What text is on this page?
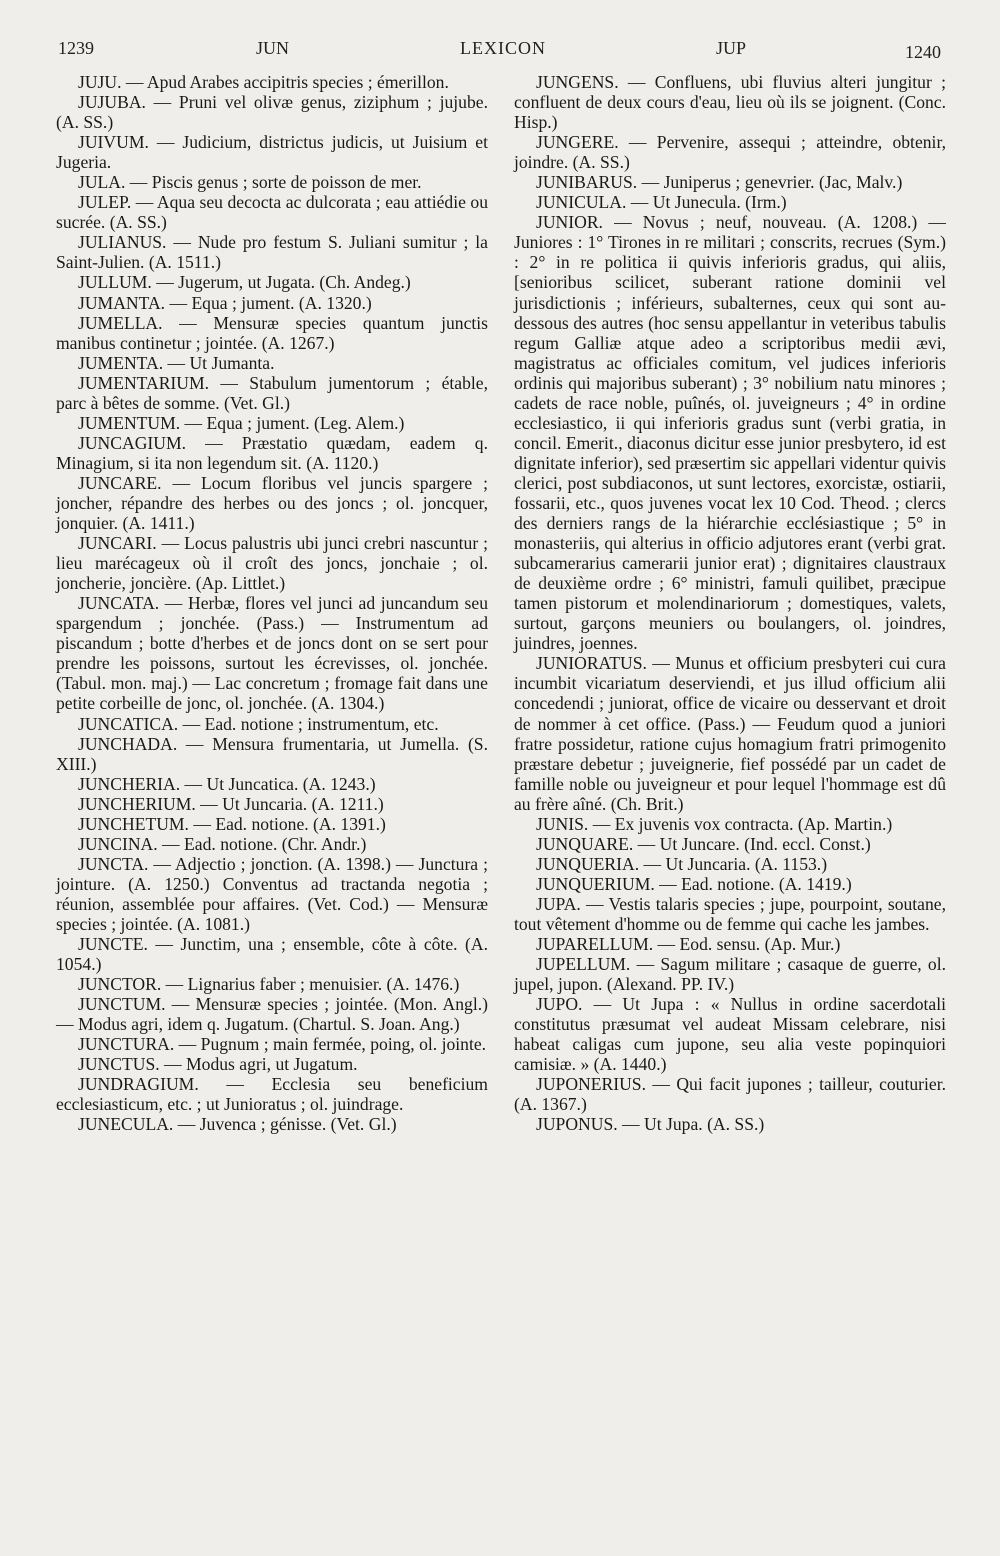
1239	JUN	LEXICON	JUP	1240

JUJU. — Apud Arabes accipitris species ; émerillon.

JUJUBA. — Pruni vel olivæ genus, ziziphum ; jujube. (A. SS.)

JUIVUM. — Judicium, districtus judicis, ut Juisium et Jugeria.

JULA. — Piscis genus ; sorte de poisson de mer.

JULEP. — Aqua seu decocta ac dulcorata ; eau attiédie ou sucrée. (A. SS.)

JULIANUS. — Nude pro festum S. Juliani sumitur ; la Saint-Julien. (A. 1511.)

JULLUM. — Jugerum, ut Jugata. (Ch. Andeg.)

JUMANTA. — Equa ; jument. (A. 1320.)

JUMELLA. — Mensuræ species quantum junctis manibus continetur ; jointée. (A. 1267.)

JUMENTA. — Ut Jumanta.

JUMENTARIUM. — Stabulum jumentorum ; étable, parc à bêtes de somme. (Vet. Gl.)

JUMENTUM. — Equa ; jument. (Leg. Alem.)

JUNCAGIUM. — Præstatio quædam, eadem q. Minagium, si ita non legendum sit. (A. 1120.)

JUNCARE. — Locum floribus vel juncis spargere ; joncher, répandre des herbes ou des joncs ; ol. joncquer, jonquier. (A. 1411.)

JUNCARI. — Locus palustris ubi junci crebri nascuntur ; lieu marécageux où il croît des joncs, jonchaie ; ol. joncherie, joncière. (Ap. Littlet.)

JUNCATA. — Herbæ, flores vel junci ad juncandum seu spargendum ; jonchée. (Pass.) — Instrumentum ad piscandum ; botte d'herbes et de joncs dont on se sert pour prendre les poissons, surtout les écrevisses, ol. jonchée. (Tabul. mon. maj.) — Lac concretum ; fromage fait dans une petite corbeille de jonc, ol. jonchée. (A. 1304.)

JUNCATICA. — Ead. notione ; instrumentum, etc.

JUNCHADA. — Mensura frumentaria, ut Jumella. (S. XIII.)

JUNCHERIA. — Ut Juncatica. (A. 1243.)

JUNCHERIUM. — Ut Juncaria. (A. 1211.)

JUNCHETUM. — Ead. notione. (A. 1391.)

JUNCINA. — Ead. notione. (Chr. Andr.)

JUNCTA. — Adjectio ; jonction. (A. 1398.) — Junctura ; jointure. (A. 1250.) Conventus ad tractanda negotia ; réunion, assemblée pour affaires. (Vet. Cod.) — Mensuræ species ; jointée. (A. 1081.)

JUNCTE. — Junctim, una ; ensemble, côte à côte. (A. 1054.)

JUNCTOR. — Lignarius faber ; menuisier. (A. 1476.)

JUNCTUM. — Mensuræ species ; jointée. (Mon. Angl.) — Modus agri, idem q. Jugatum. (Chartul. S. Joan. Ang.)

JUNCTURA. — Pugnum ; main fermée, poing, ol. jointe.

JUNCTUS. — Modus agri, ut Jugatum.

JUNDRAGIUM. — Ecclesia seu beneficium ecclesiasticum, etc. ; ut Junioratus ; ol. juindrage.

JUNECULA. — Juvenca ; génisse. (Vet. Gl.)

JUNGENS. — Confluens, ubi fluvius alteri jungitur ; confluent de deux cours d'eau, lieu où ils se joignent. (Conc. Hisp.)

JUNGERE. — Pervenire, assequi ; atteindre, obtenir, joindre. (A. SS.)

JUNIBARUS. — Juniperus ; genevrier. (Jac, Malv.)

JUNICULA. — Ut Junecula. (Irm.)

JUNIOR. — Novus ; neuf, nouveau. (A. 1208.) — Juniores : 1° Tirones in re militari ; conscrits, recrues (Sym.) : 2° in re politica ii quivis inferioris gradus, qui aliis, [senioribus scilicet, suberant ratione dominii vel jurisdictionis ; inférieurs, subalternes, ceux qui sont au-dessous des autres (hoc sensu appellantur in veteribus tabulis regum Galliæ atque adeo a scriptoribus medii ævi, magistratus ac officiales comitum, vel judices inferioris ordinis qui majoribus suberant) ; 3° nobilium natu minores ; cadets de race noble, puînés, ol. juveigneurs ; 4° in ordine ecclesiastico, ii qui inferioris gradus sunt (verbi gratia, in concil. Emerit., diaconus dicitur esse junior presbytero, id est dignitate inferior), sed præsertim sic appellari videntur quivis clerici, post subdiaconos, ut sunt lectores, exorcistæ, ostiarii, fossarii, etc., quos juvenes vocat lex 10 Cod. Theod. ; clercs des derniers rangs de la hiérarchie ecclésiastique ; 5° in monasteriis, qui alterius in officio adjutores erant (verbi grat. subcamerarius camerarii junior erat) ; dignitaires claustraux de deuxième ordre ; 6° ministri, famuli quilibet, præcipue tamen pistorum et molendinariorum ; domestiques, valets, surtout, garçons meuniers ou boulangers, ol. joindres, juindres, joennes.

JUNIORATUS. — Munus et officium presbyteri cui cura incumbit vicariatum deserviendi, et jus illud officium alii concedendi ; juniorat, office de vicaire ou desservant et droit de nommer à cet office. (Pass.) — Feudum quod a juniori fratre possidetur, ratione cujus homagium fratri primogenito præstare debetur ; juveignerie, fief possédé par un cadet de famille noble ou juveigneur et pour lequel l'hommage est dû au frère aîné. (Ch. Brit.)

JUNIS. — Ex juvenis vox contracta. (Ap. Martin.)

JUNQUARE. — Ut Juncare. (Ind. eccl. Const.)

JUNQUERIA. — Ut Juncaria. (A. 1153.)

JUNQUERIUM. — Ead. notione. (A. 1419.)

JUPA. — Vestis talaris species ; jupe, pourpoint, soutane, tout vêtement d'homme ou de femme qui cache les jambes.

JUPARELLUM. — Eod. sensu. (Ap. Mur.)

JUPELLUM. — Sagum militare ; casaque de guerre, ol. jupel, jupon. (Alexand. PP. IV.)

JUPO. — Ut Jupa : « Nullus in ordine sacerdotali constitutus præsumat vel audeat Missam celebrare, nisi habeat caligas cum jupone, seu alia veste popinquiori camisiæ. » (A. 1440.)

JUPONERIUS. — Qui facit jupones ; tailleur, couturier. (A. 1367.)

JUPONUS. — Ut Jupa. (A. SS.)
